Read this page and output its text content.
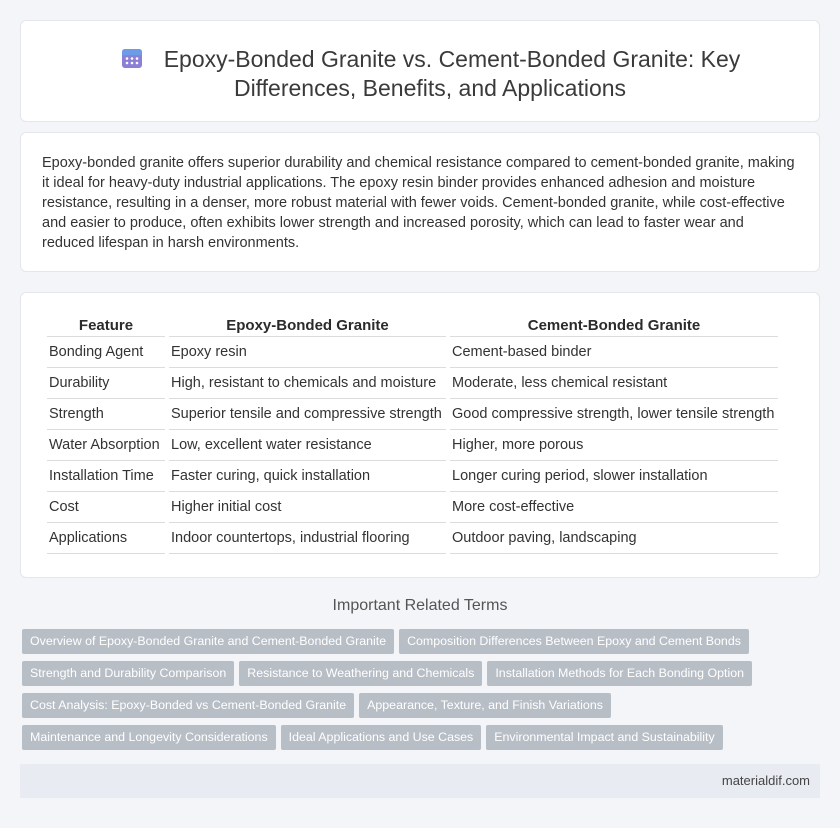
Epoxy-Bonded Granite vs. Cement-Bonded Granite: Key Differences, Benefits, and Applications

Epoxy-bonded granite offers superior durability and chemical resistance compared to cement-bonded granite, making it ideal for heavy-duty industrial applications. The epoxy resin binder provides enhanced adhesion and moisture resistance, resulting in a denser, more robust material with fewer voids. Cement-bonded granite, while cost-effective and easier to produce, often exhibits lower strength and increased porosity, which can lead to faster wear and reduced lifespan in harsh environments.

Feature	Epoxy-Bonded Granite	Cement-Bonded Granite
Bonding Agent	Epoxy resin	Cement-based binder
Durability	High, resistant to chemicals and moisture	Moderate, less chemical resistant
Strength	Superior tensile and compressive strength	Good compressive strength, lower tensile strength
Water Absorption	Low, excellent water resistance	Higher, more porous
Installation Time	Faster curing, quick installation	Longer curing period, slower installation
Cost	Higher initial cost	More cost-effective
Applications	Indoor countertops, industrial flooring	Outdoor paving, landscaping
Important Related Terms
Overview of Epoxy-Bonded Granite and Cement-Bonded Granite Composition Differences Between Epoxy and Cement Bonds
Strength and Durability Comparison Resistance to Weathering and Chemicals Installation Methods for Each Bonding Option
Cost Analysis: Epoxy-Bonded vs Cement-Bonded Granite Appearance, Texture, and Finish Variations
Maintenance and Longevity Considerations Ideal Applications and Use Cases Environmental Impact and Sustainability
materialdif.com
